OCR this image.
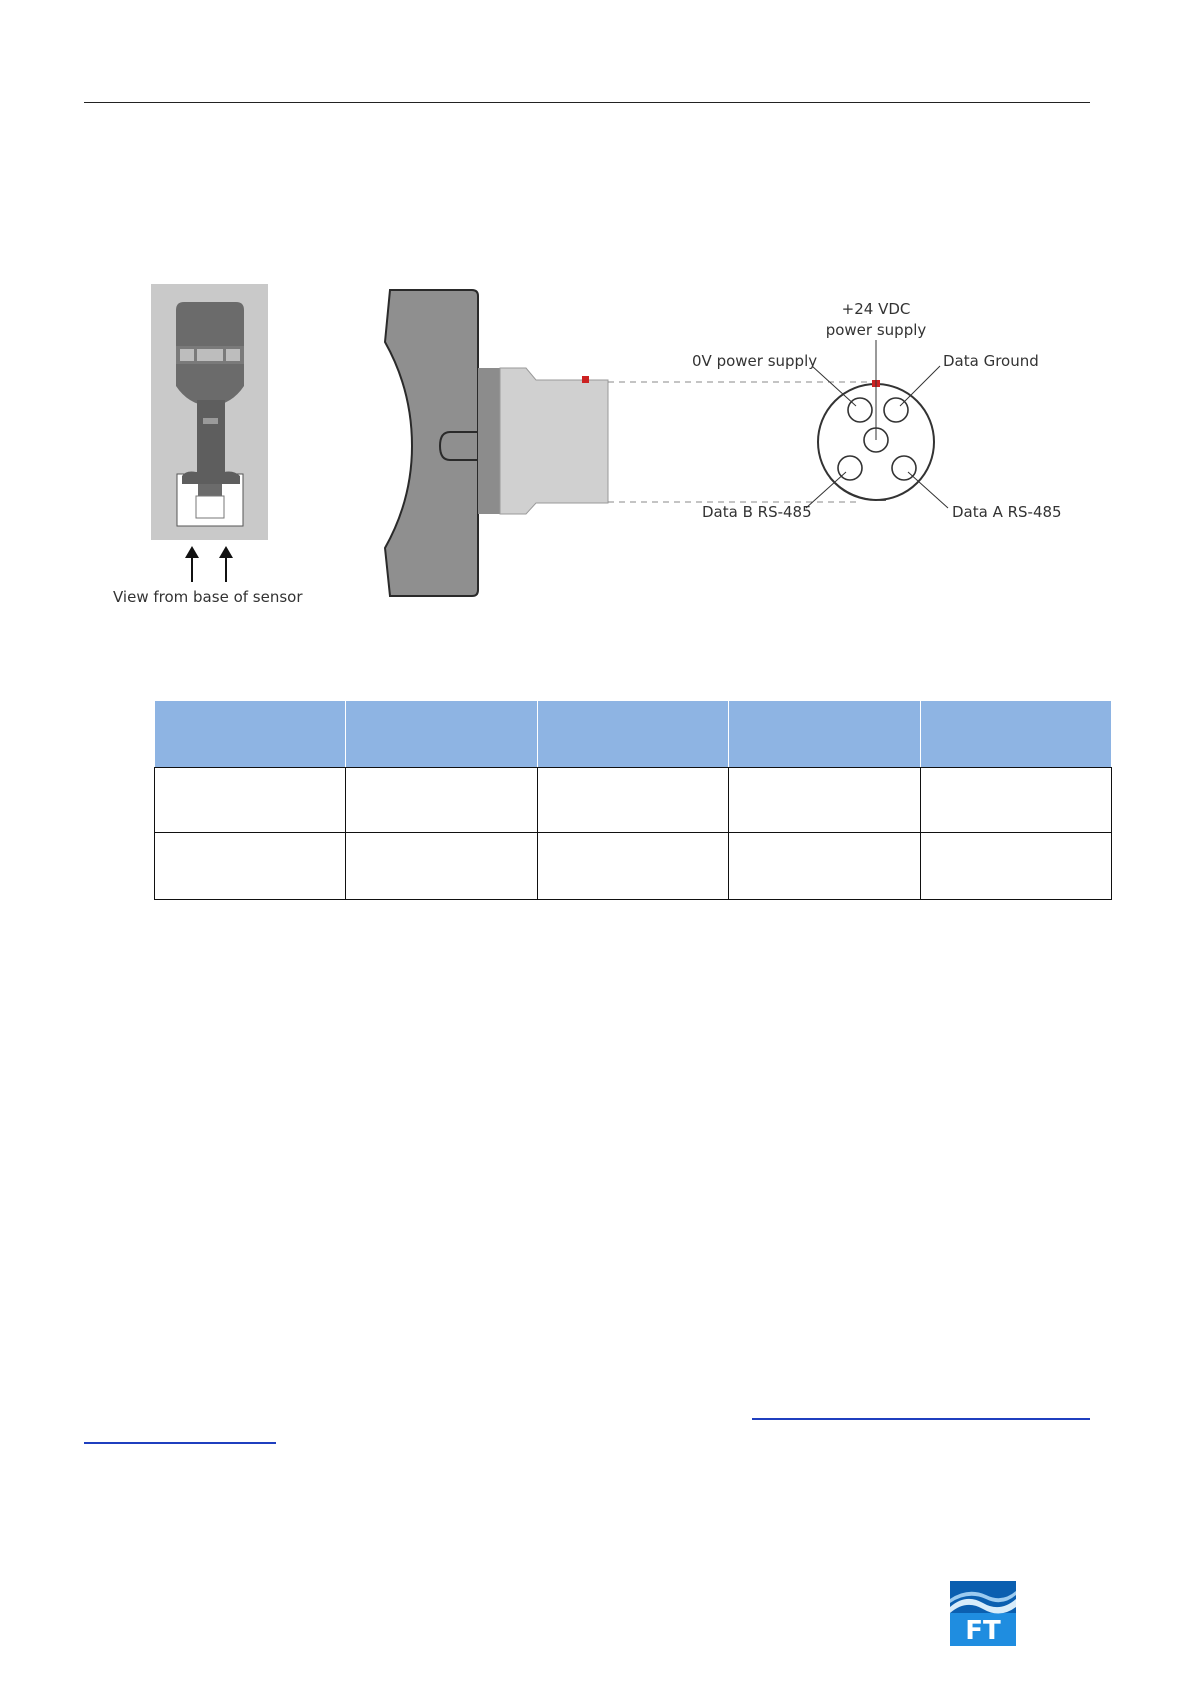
View from base of sensor
+24 VDC
power supply
0V power supply	Data Ground
Data B RS-485	Data A RS-485

FT
